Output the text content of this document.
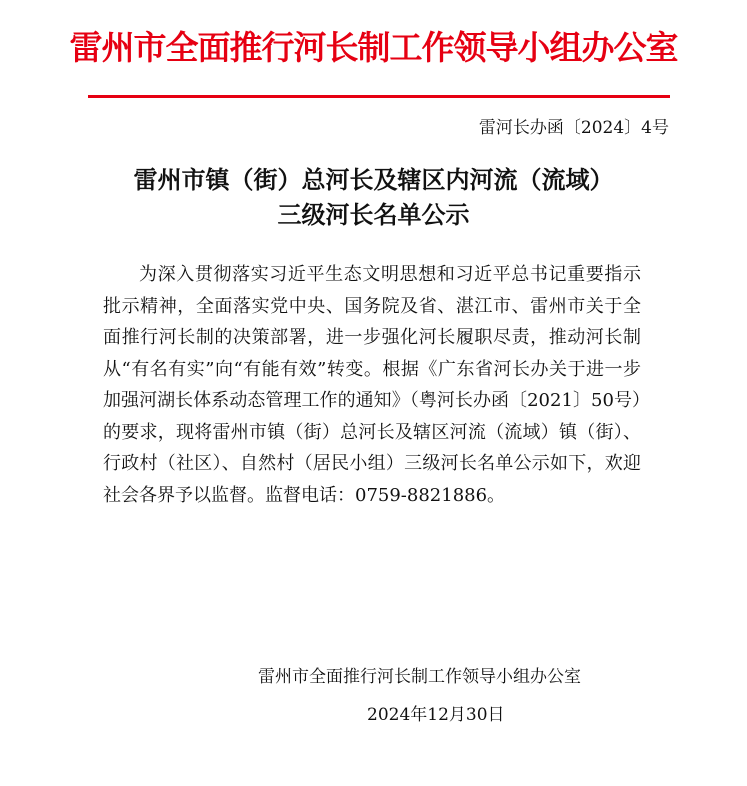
雷州市全面推行河长制工作领导小组办公室
雷河长办函〔2024〕4号
雷州市镇（街）总河长及辖区内河流（流域）
三级河长名单公示
为深入贯彻落实习近平生态文明思想和习近平总书记重要指示批示精神，全面落实党中央、国务院及省、湛江市、雷州市关于全面推行河长制的决策部署，进一步强化河长履职尽责，推动河长制从“有名有实”向“有能有效”转变。根据《广东省河长办关于进一步加强河湖长体系动态管理工作的通知》（粤河长办函〔2021〕50号）的要求，现将雷州市镇（街）总河长及辖区河流（流域）镇（街）、行政村（社区）、自然村（居民小组）三级河长名单公示如下，欢迎社会各界予以监督。监督电话：0759-8821886。
雷州市全面推行河长制工作领导小组办公室
2024年12月30日
